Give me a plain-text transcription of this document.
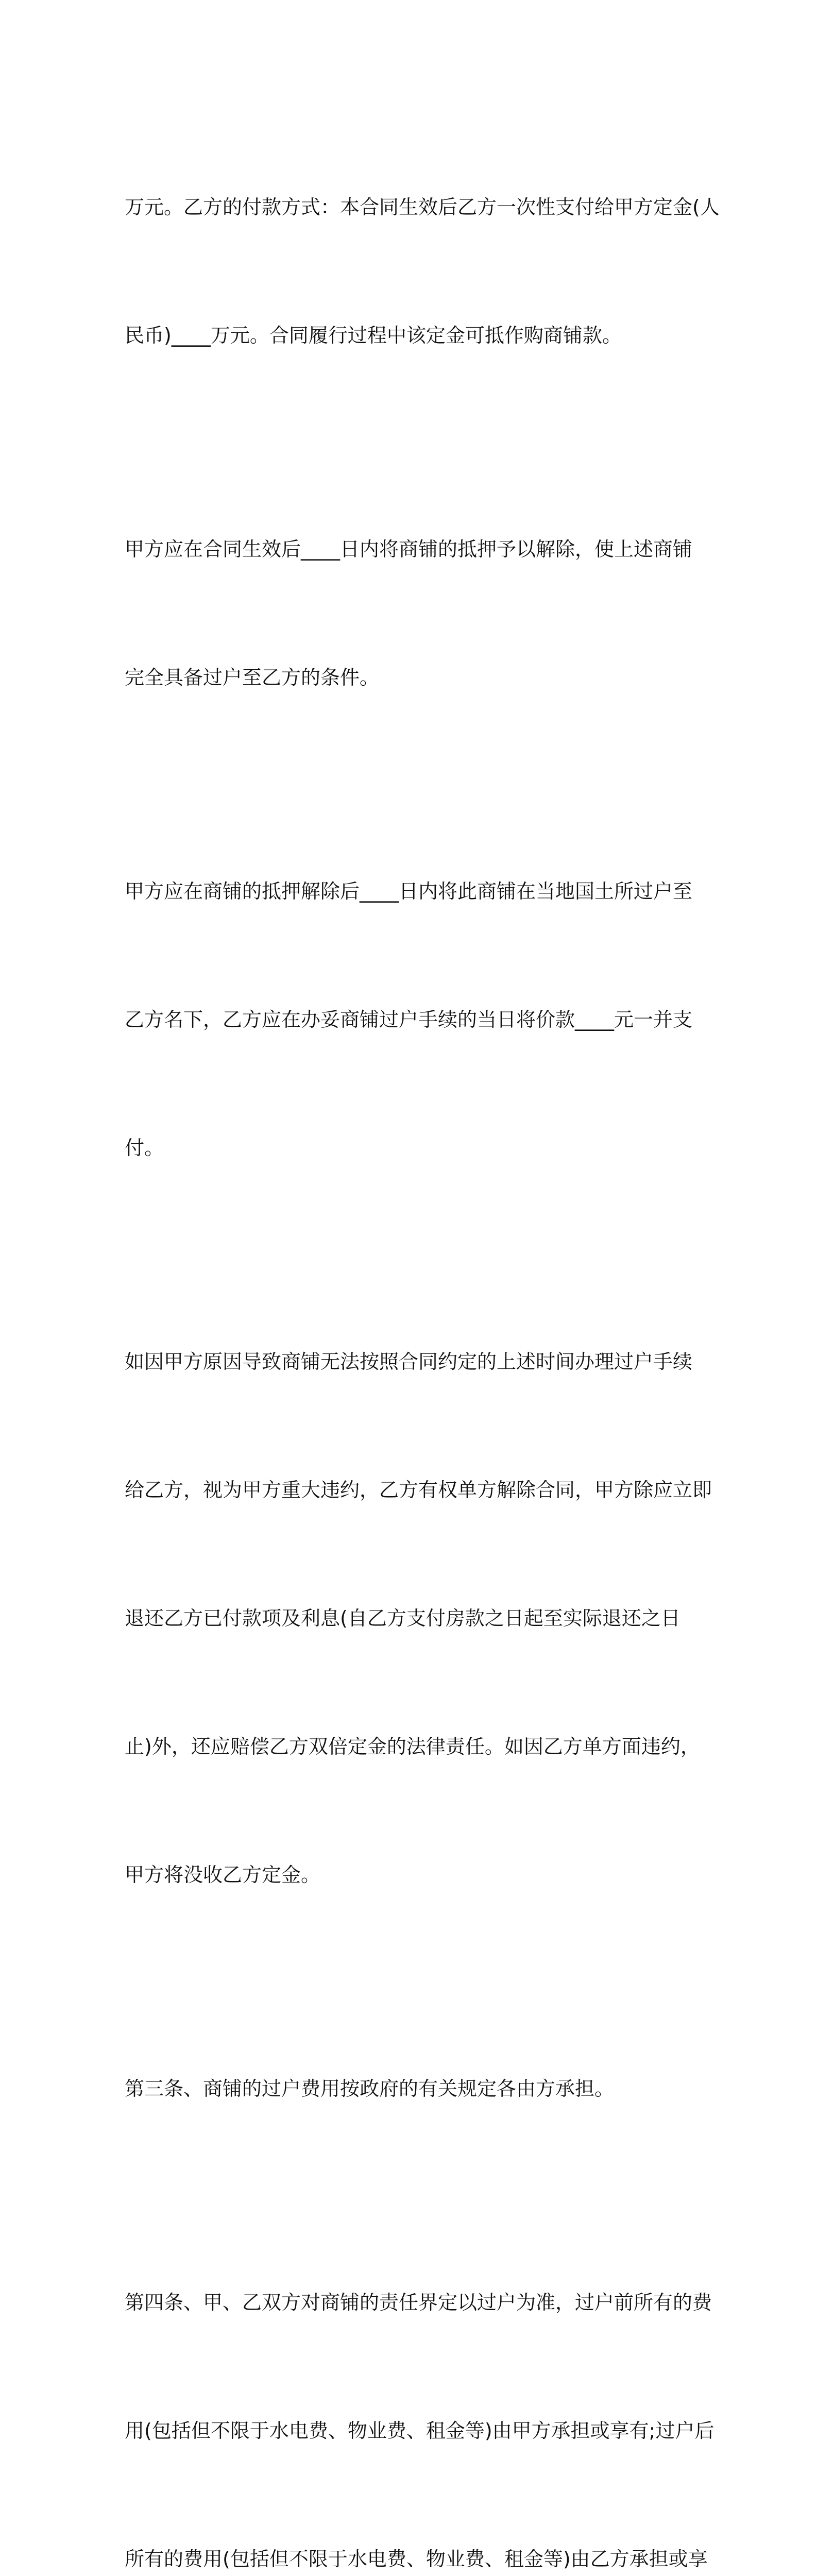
万元。乙方的付款方式：本合同生效后乙方一次性支付给甲方定金(人

民币)____万元。合同履行过程中该定金可抵作购商铺款。

甲方应在合同生效后____日内将商铺的抵押予以解除，使上述商铺

完全具备过户至乙方的条件。

甲方应在商铺的抵押解除后____日内将此商铺在当地国土所过户至

乙方名下，乙方应在办妥商铺过户手续的当日将价款____元一并支

付。

如因甲方原因导致商铺无法按照合同约定的上述时间办理过户手续

给乙方，视为甲方重大违约，乙方有权单方解除合同，甲方除应立即

退还乙方已付款项及利息(自乙方支付房款之日起至实际退还之日

止)外，还应赔偿乙方双倍定金的法律责任。如因乙方单方面违约，

甲方将没收乙方定金。

第三条、商铺的过户费用按政府的有关规定各由方承担。

第四条、甲、乙双方对商铺的责任界定以过户为准，过户前所有的费

用(包括但不限于水电费、物业费、租金等)由甲方承担或享有;过户后

所有的费用(包括但不限于水电费、物业费、租金等)由乙方承担或享
